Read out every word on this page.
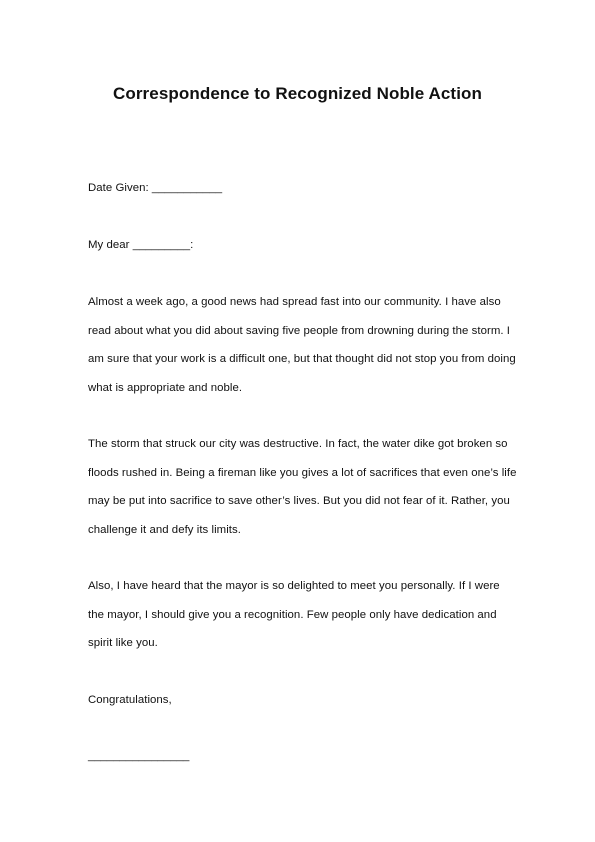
Correspondence to Recognized Noble Action
Date Given: ___________
My dear _________:
Almost a week ago, a good news had spread fast into our community. I have also read about what you did about saving five people from drowning during the storm. I am sure that your work is a difficult one, but that thought did not stop you from doing what is appropriate and noble.
The storm that struck our city was destructive. In fact, the water dike got broken so floods rushed in. Being a fireman like you gives a lot of sacrifices that even one’s life may be put into sacrifice to save other’s lives. But you did not fear of it. Rather, you challenge it and defy its limits.
Also, I have heard that the mayor is so delighted to meet you personally. If I were the mayor, I should give you a recognition. Few people only have dedication and spirit like you.
Congratulations,
________________
